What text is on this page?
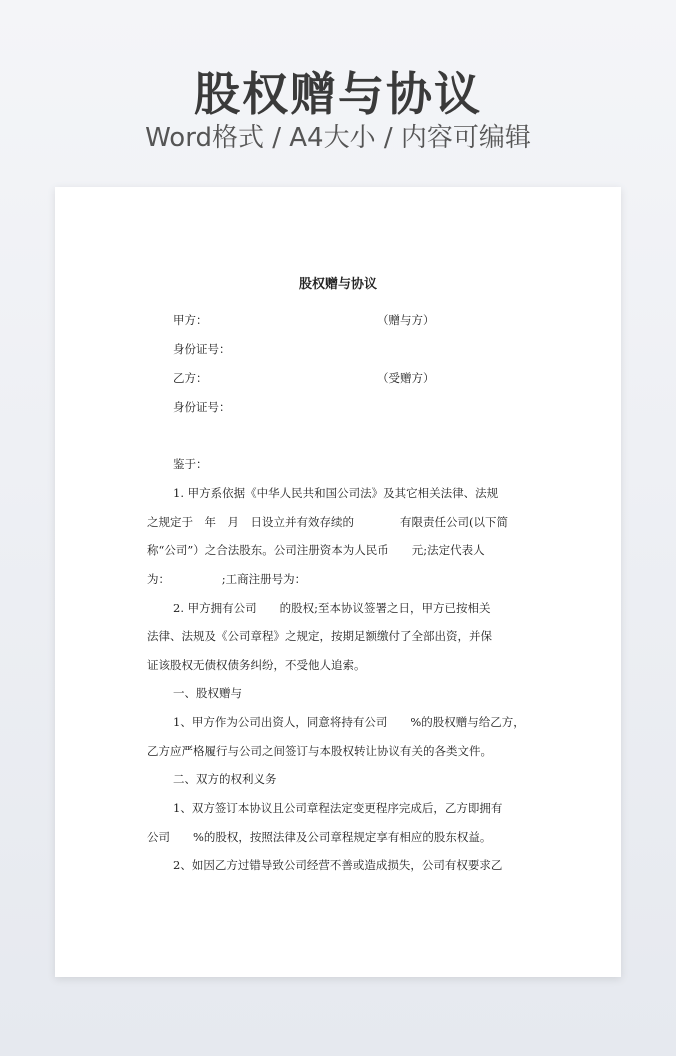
股权赠与协议
Word格式 / A4大小 / 内容可编辑
股权赠与协议
甲方：	（赠与方）
身份证号：
乙方：	（受赠方）
身份证号：
鉴于：
1. 甲方系依据《中华人民共和国公司法》及其它相关法律、法规
之规定于　年　月　日设立并有效存续的　　　　有限责任公司(以下简
称“公司”）之合法股东。公司注册资本为人民币　　元;法定代表人
为：　　　　　;工商注册号为：
2. 甲方拥有公司　　的股权;至本协议签署之日，甲方已按相关
法律、法规及《公司章程》之规定，按期足额缴付了全部出资，并保
证该股权无债权债务纠纷，不受他人追索。
一、股权赠与
1、甲方作为公司出资人，同意将持有公司　　%的股权赠与给乙方，
乙方应严格履行与公司之间签订与本股权转让协议有关的各类文件。
二、双方的权利义务
1、双方签订本协议且公司章程法定变更程序完成后，乙方即拥有
公司　　%的股权，按照法律及公司章程规定享有相应的股东权益。
2、如因乙方过错导致公司经营不善或造成损失，公司有权要求乙
